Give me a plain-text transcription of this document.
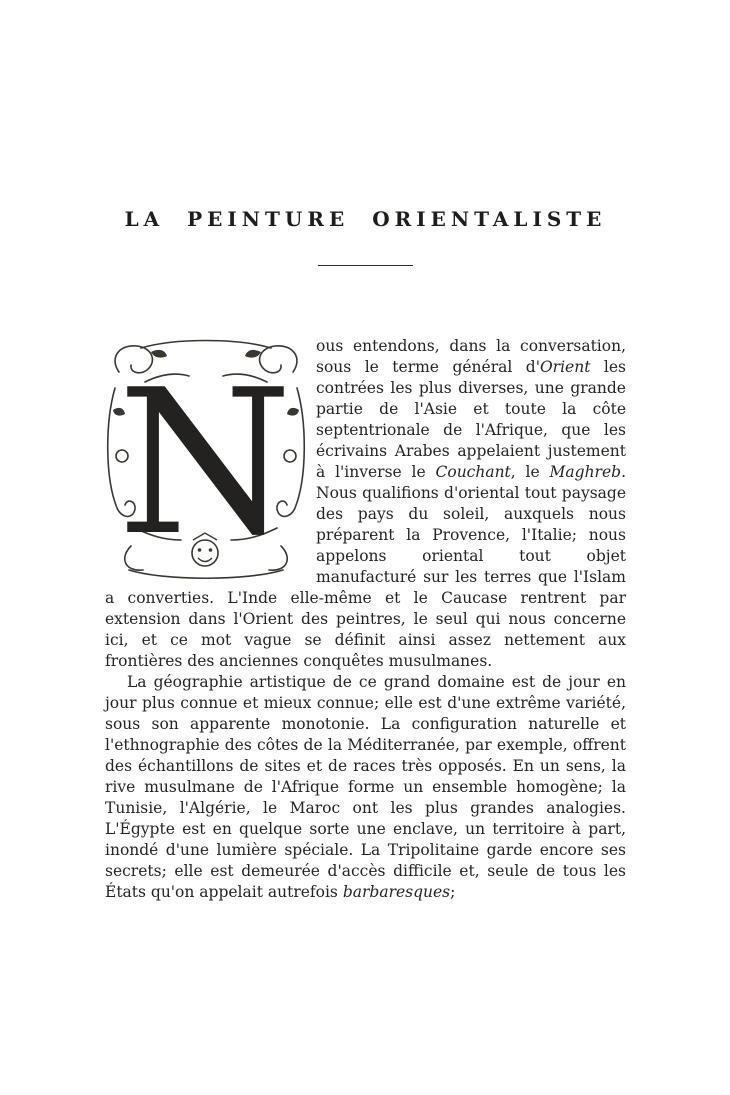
LA PEINTURE ORIENTALISTE
N

ous entendons, dans la conversation, sous le terme général d'Orient les contrées les plus diverses, une grande partie de l'Asie et toute la côte septentrionale de l'Afrique, que les écrivains Arabes appelaient justement à l'inverse le Couchant, le Maghreb. Nous qualifions d'oriental tout paysage des pays du soleil, auxquels nous préparent la Provence, l'Italie; nous appelons oriental tout objet manufacturé sur les terres que l'Islam a converties. L'Inde elle-même et le Caucase rentrent par extension dans l'Orient des peintres, le seul qui nous concerne ici, et ce mot vague se définit ainsi assez nettement aux frontières des anciennes conquêtes musulmanes.

La géographie artistique de ce grand domaine est de jour en jour plus connue et mieux connue; elle est d'une extrême variété, sous son apparente monotonie. La configuration naturelle et l'ethnographie des côtes de la Méditerranée, par exemple, offrent des échantillons de sites et de races très opposés. En un sens, la rive musulmane de l'Afrique forme un ensemble homogène; la Tunisie, l'Algérie, le Maroc ont les plus grandes analogies. L'Égypte est en quelque sorte une enclave, un territoire à part, inondé d'une lumière spéciale. La Tripolitaine garde encore ses secrets; elle est demeurée d'accès difficile et, seule de tous les États qu'on appelait autrefois barbaresques;
